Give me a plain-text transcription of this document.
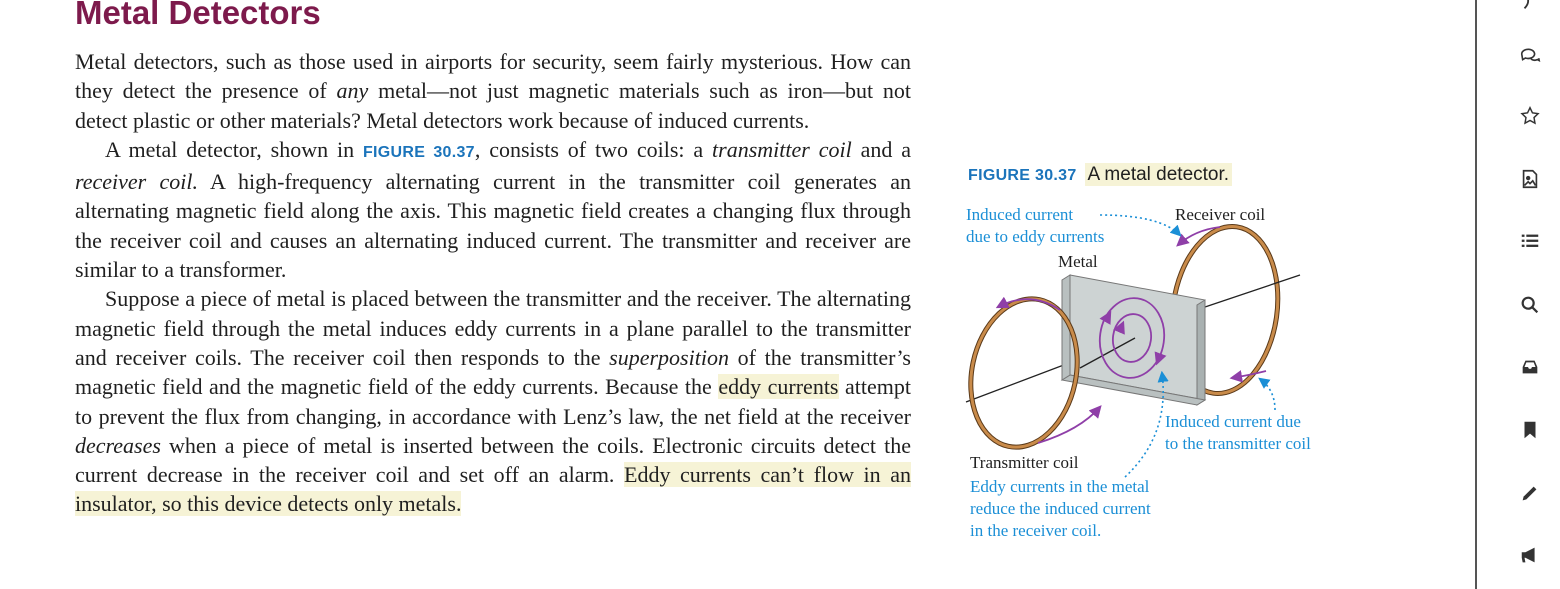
Metal Detectors

Metal detectors, such as those used in airports for security, seem fairly mysterious. How can they detect the presence of any metal—not just magnetic materials such as iron—but not detect plastic or other materials? Metal detectors work because of induced currents.

A metal detector, shown in FIGURE 30.37, consists of two coils: a transmitter coil and a receiver coil. A high-frequency alternating current in the transmitter coil generates an alternating magnetic field along the axis. This magnetic field creates a changing flux through the receiver coil and causes an alternating induced current. The transmitter and receiver are similar to a transformer.

Suppose a piece of metal is placed between the transmitter and the receiver. The alternating magnetic field through the metal induces eddy currents in a plane parallel to the transmitter and receiver coils. The receiver coil then responds to the superposition of the transmitter’s magnetic field and the magnetic field of the eddy currents. Because the eddy currents attempt to prevent the flux from changing, in accordance with Lenz’s law, the net field at the receiver decreases when a piece of metal is inserted between the coils. Electronic circuits detect the current decrease in the receiver coil and set off an alarm. Eddy currents can’t flow in an insulator, so this device detects only metals.

FIGURE 30.37 A metal detector.
Induced current
due to eddy currents
Receiver coil
Metal
Induced current due
to the transmitter coil
Transmitter coil
Eddy currents in the metal
reduce the induced current
in the receiver coil.
